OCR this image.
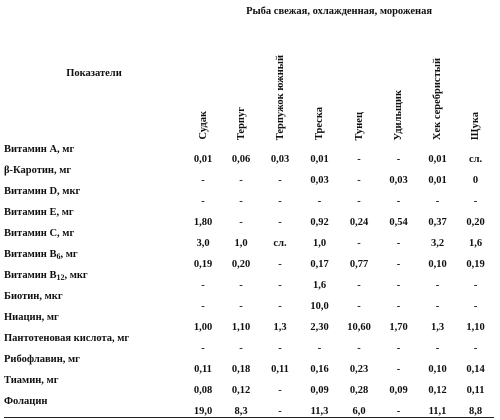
Показатели	Рыба свежая, охлажденная, мороженая							

	Судак	Терпуг	Терпужок южный	Треска	Тунец	Удильщик	Хек серебристый	Щука

Витамин А, мг	0,01	0,06	0,03	0,01	-	-	0,01	сл.
β-Каротин, мг	-	-	-	0,03	-	0,03	0,01	0
Витамин D, мкг	-	-	-	-	-	-	-	-
Витамин Е, мг	1,80	-	-	0,92	0,24	0,54	0,37	0,20
Витамин С, мг	3,0	1,0	сл.	1,0	-	-	3,2	1,6
Витамин $В_6$, мг	0,19	0,20	-	0,17	0,77	-	0,10	0,19
Витамин $В_{12}$, мкг	-	-	-	1,6	-	-	-	-
Биотин, мкг	-	-	-	10,0	-	-	-	-
Ниацин, мг	1,00	1,10	1,3	2,30	10,60	1,70	1,3	1,10
Пантотеновая кислота, мг	-	-	-	-	-	-	-	-
Рибофлавин, мг	0,11	0,18	0,11	0,16	0,23	-	0,10	0,14
Тиамин, мг	0,08	0,12	-	0,09	0,28	0,09	0,12	0,11
Фолацин	19,0	8,3	-	11,3	6,0	-	11,1	8,8
